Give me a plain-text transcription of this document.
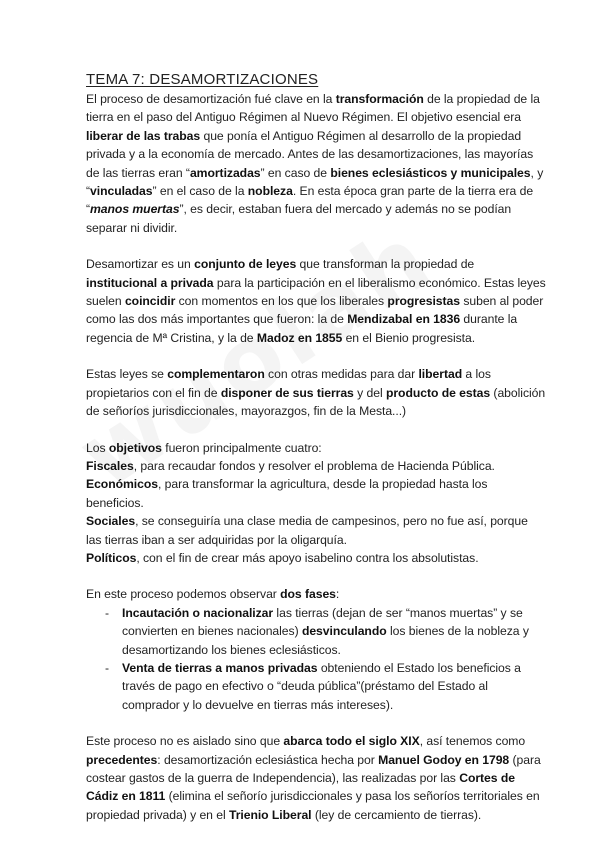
TEMA 7: DESAMORTIZACIONES

El proceso de desamortización fué clave en la transformación de la propiedad de la tierra en el paso del Antiguo Régimen al Nuevo Régimen. El objetivo esencial era liberar de las trabas que ponía el Antiguo Régimen al desarrollo de la propiedad privada y a la economía de mercado. Antes de las desamortizaciones, las mayorías de las tierras eran “amortizadas” en caso de bienes eclesiásticos y municipales, y “vinculadas” en el caso de la nobleza. En esta época gran parte de la tierra era de “manos muertas”, es decir, estaban fuera del mercado y además no se podían separar ni dividir.

Desamortizar es un conjunto de leyes que transforman la propiedad de institucional a privada para la participación en el liberalismo económico. Estas leyes suelen coincidir con momentos en los que los liberales progresistas suben al poder como las dos más importantes que fueron: la de Mendizabal en 1836 durante la regencia de Mª Cristina, y la de Madoz en 1855 en el Bienio progresista.

Estas leyes se complementaron con otras medidas para dar libertad a los propietarios con el fin de disponer de sus tierras y del producto de estas (abolición de señoríos jurisdiccionales, mayorazgos, fin de la Mesta...)

Los objetivos fueron principalmente cuatro:

Fiscales, para recaudar fondos y resolver el problema de Hacienda Pública.

Económicos, para transformar la agricultura, desde la propiedad hasta los beneficios.

Sociales, se conseguiría una clase media de campesinos, pero no fue así, porque las tierras iban a ser adquiridas por la oligarquía.

Políticos, con el fin de crear más apoyo isabelino contra los absolutistas.

En este proceso podemos observar dos fases:

- Incautación o nacionalizar las tierras (dejan de ser “manos muertas” y se convierten en bienes nacionales) desvinculando los bienes de la nobleza y desamortizando los bienes eclesiásticos.
- Venta de tierras a manos privadas obteniendo el Estado los beneficios a través de pago en efectivo o “deuda pública”(préstamo del Estado al comprador y lo devuelve en tierras más intereses).

Este proceso no es aislado sino que abarca todo el siglo XIX, así tenemos como precedentes: desamortización eclesiástica hecha por Manuel Godoy en 1798 (para costear gastos de la guerra de Independencia), las realizadas por las Cortes de Cádiz en 1811 (elimina el señorío jurisdiccionales y pasa los señoríos territoriales en propiedad privada) y en el Trienio Liberal (ley de cercamiento de tierras).
